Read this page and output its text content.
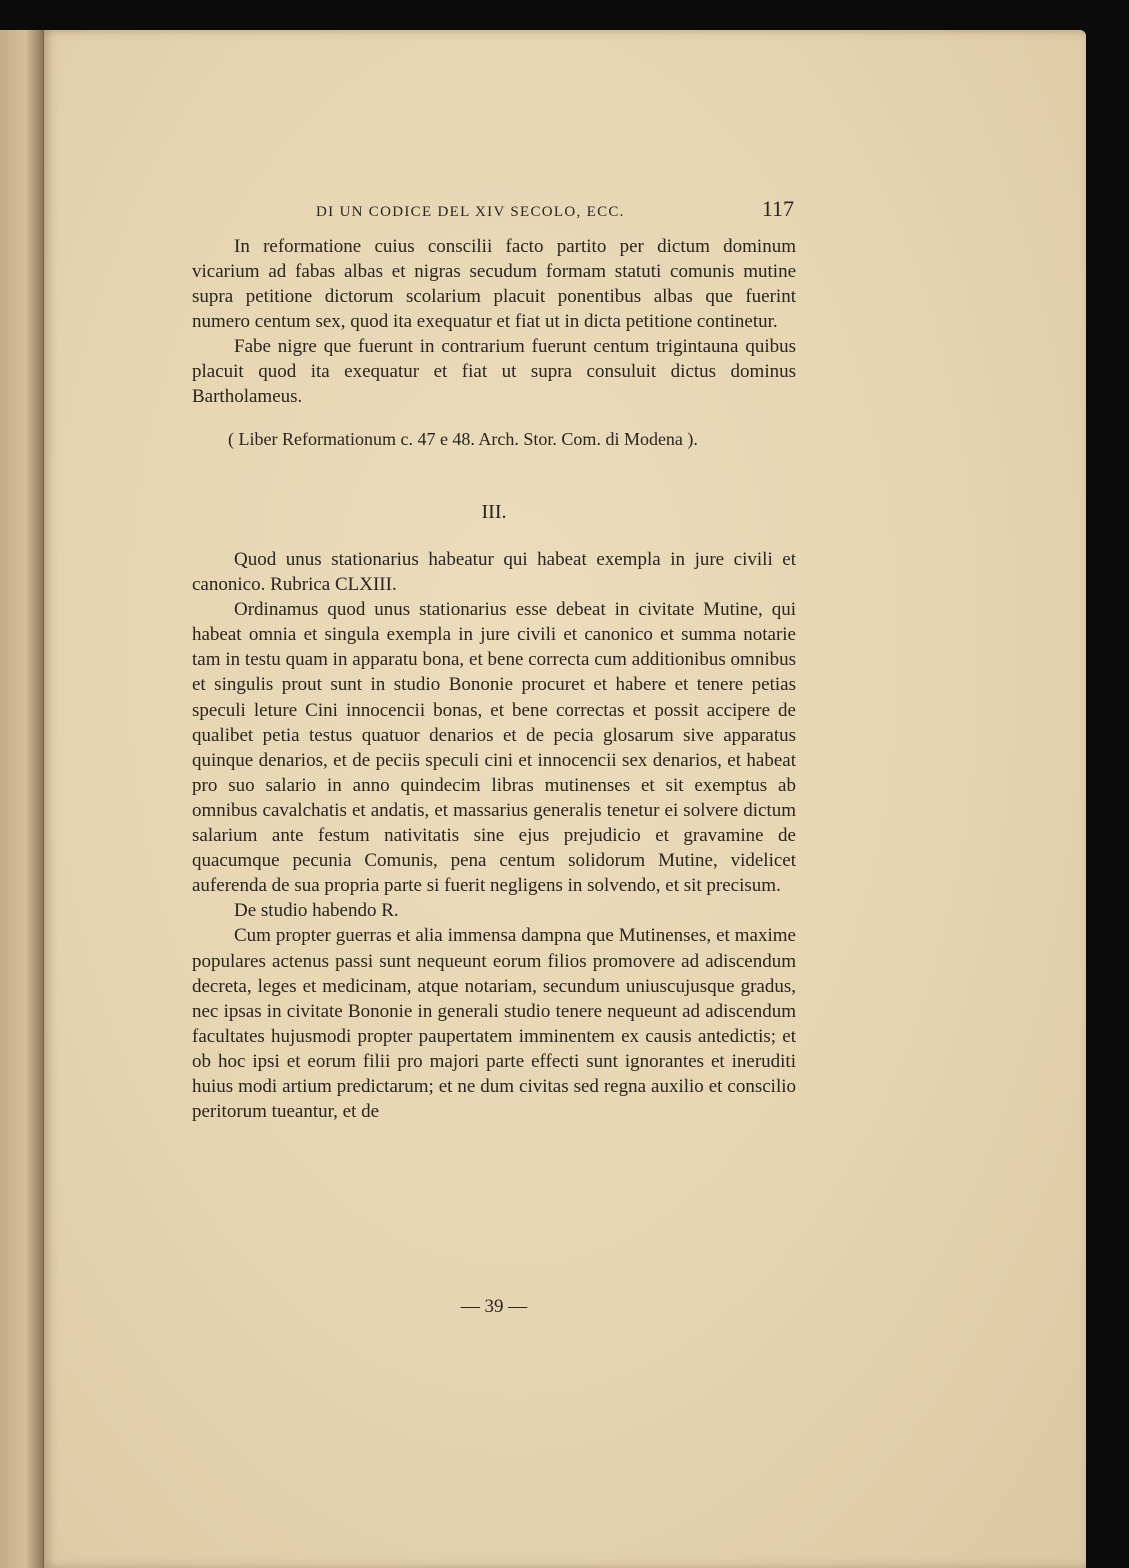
DI UN CODICE DEL XIV SECOLO, ECC.	117

In reformatione cuius conscilii facto partito per dictum dominum vicarium ad fabas albas et nigras secudum formam statuti comunis mutine supra petitione dictorum scolarium placuit ponentibus albas que fuerint numero centum sex, quod ita exequatur et fiat ut in dicta petitione continetur.

Fabe nigre que fuerunt in contrarium fuerunt centum trigintauna quibus placuit quod ita exequatur et fiat ut supra consuluit dictus dominus Bartholameus.

( Liber Reformationum c. 47 e 48. Arch. Stor. Com. di Modena ).
III.

Quod unus stationarius habeatur qui habeat exempla in jure civili et canonico. Rubrica CLXIII.

Ordinamus quod unus stationarius esse debeat in civitate Mutine, qui habeat omnia et singula exempla in jure civili et canonico et summa notarie tam in testu quam in apparatu bona, et bene correcta cum additionibus omnibus et singulis prout sunt in studio Bononie procuret et habere et tenere petias speculi leture Cini innocencii bonas, et bene correctas et possit accipere de qualibet petia testus quatuor denarios et de pecia glosarum sive apparatus quinque denarios, et de peciis speculi cini et innocencii sex denarios, et habeat pro suo salario in anno quindecim libras mutinenses et sit exemptus ab omnibus cavalchatis et andatis, et massarius generalis tenetur ei solvere dictum salarium ante festum nativitatis sine ejus prejudicio et gravamine de quacumque pecunia Comunis, pena centum solidorum Mutine, videlicet auferenda de sua propria parte si fuerit negligens in solvendo, et sit precisum.

De studio habendo R.

Cum propter guerras et alia immensa dampna que Mutinenses, et maxime populares actenus passi sunt nequeunt eorum filios promovere ad adiscendum decreta, leges et medicinam, atque notariam, secundum uniuscujusque gradus, nec ipsas in civitate Bononie in generali studio tenere nequeunt ad adiscendum facultates hujusmodi propter paupertatem imminentem ex causis antedictis; et ob hoc ipsi et eorum filii pro majori parte effecti sunt ignorantes et ineruditi huius modi artium predictarum; et ne dum civitas sed regna auxilio et conscilio peritorum tueantur, et de

— 39 —
